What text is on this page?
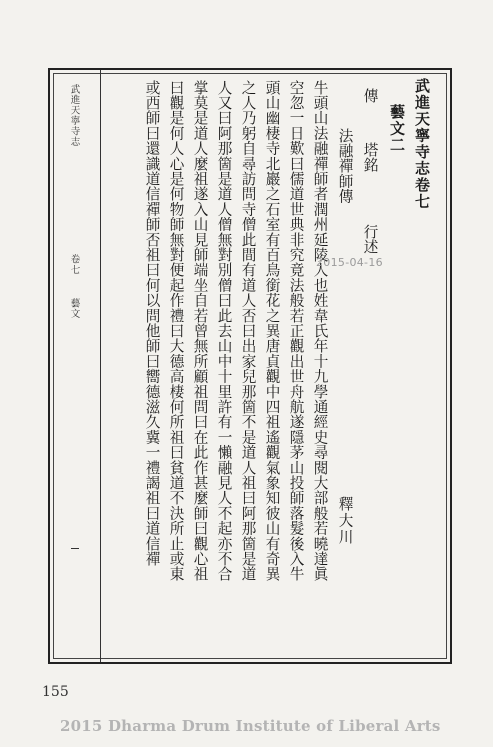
武進天寧寺志
卷七
藝文
武進天寧寺志卷七
藝文二
傳
塔銘
行述
法融禪師傳
釋大川
牛頭山法融禪師者潤州延陵人也姓韋氏年十九學通經史尋閱大部般若曉達眞
空忽一日歎曰儒道世典非究竟法般若正觀出世舟航遂隱茅山投師落髮後入牛
頭山幽棲寺北巖之石室有百鳥銜花之異唐貞觀中四祖遙觀氣象知彼山有奇異
之人乃躬自尋訪問寺僧此間有道人否曰出家兒那箇不是道人祖曰阿那箇是道
人又曰阿那箇是道人僧無對別僧曰此去山中十里許有一懶融見人不起亦不合
掌莫是道人麼祖遂入山見師端坐自若曾無所顧祖問曰在此作甚麼師曰觀心祖
曰觀是何人心是何物師無對便起作禮曰大德高棲何所祖曰貧道不決所止或東
或西師曰還識道信禪師否祖曰何以問他師曰嚮德滋久冀一禮謁祖曰道信禪	2015-04-16
155
2015 Dharma Drum Institute of Liberal Arts
